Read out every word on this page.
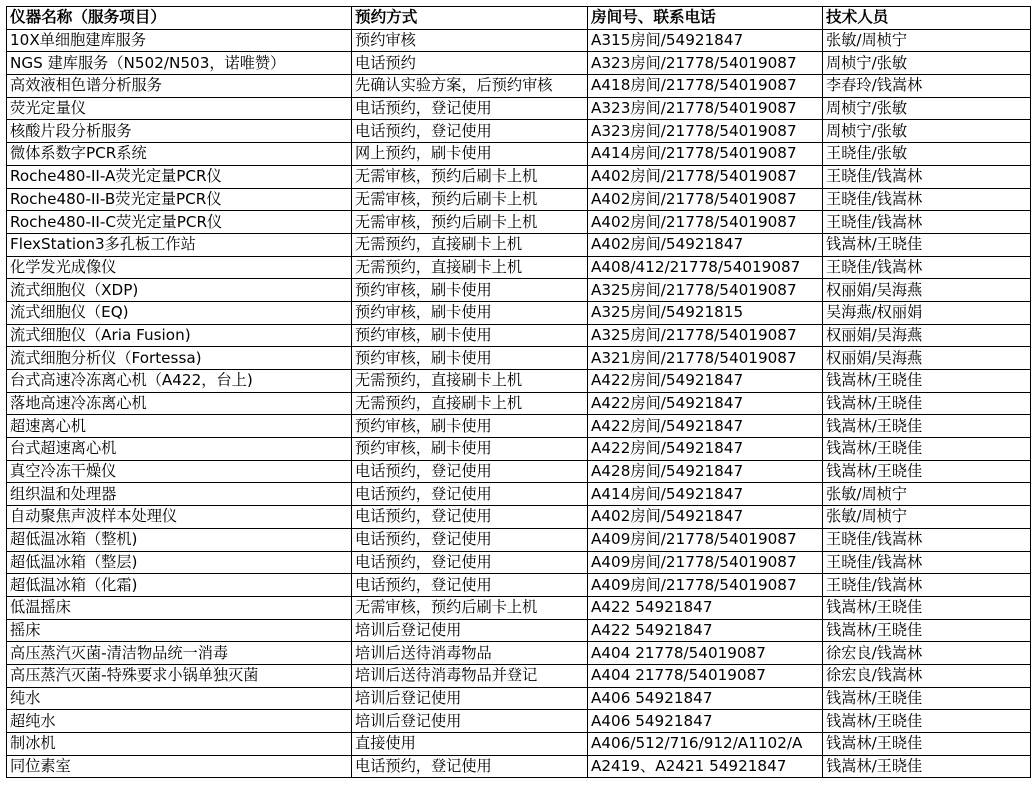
仪器名称（服务项目）	预约方式	房间号、联系电话	技术人员
10X单细胞建库服务	预约审核	A315房间/54921847	张敏/周桢宁
NGS 建库服务（N502/N503，诺唯赞）	电话预约	A323房间/21778/54019087	周桢宁/张敏
高效液相色谱分析服务	先确认实验方案，后预约审核	A418房间/21778/54019087	李春玲/钱嵩林
荧光定量仪	电话预约，登记使用	A323房间/21778/54019087	周桢宁/张敏
核酸片段分析服务	电话预约，登记使用	A323房间/21778/54019087	周桢宁/张敏
微体系数字PCR系统	网上预约，刷卡使用	A414房间/21778/54019087	王晓佳/张敏
Roche480-II-A荧光定量PCR仪	无需审核，预约后刷卡上机	A402房间/21778/54019087	王晓佳/钱嵩林
Roche480-II-B荧光定量PCR仪	无需审核，预约后刷卡上机	A402房间/21778/54019087	王晓佳/钱嵩林
Roche480-II-C荧光定量PCR仪	无需审核，预约后刷卡上机	A402房间/21778/54019087	王晓佳/钱嵩林
FlexStation3多孔板工作站	无需预约，直接刷卡上机	A402房间/54921847	钱嵩林/王晓佳
化学发光成像仪	无需预约，直接刷卡上机	A408/412/21778/54019087	王晓佳/钱嵩林
流式细胞仪（XDP)	预约审核，刷卡使用	A325房间/21778/54019087	权丽娟/吴海燕
流式细胞仪（EQ)	预约审核，刷卡使用	A325房间/54921815	吴海燕/权丽娟
流式细胞仪（Aria Fusion)	预约审核，刷卡使用	A325房间/21778/54019087	权丽娟/吴海燕
流式细胞分析仪（Fortessa)	预约审核，刷卡使用	A321房间/21778/54019087	权丽娟/吴海燕
台式高速冷冻离心机（A422，台上)	无需预约，直接刷卡上机	A422房间/54921847	钱嵩林/王晓佳
落地高速冷冻离心机	无需预约，直接刷卡上机	A422房间/54921847	钱嵩林/王晓佳
超速离心机	预约审核，刷卡使用	A422房间/54921847	钱嵩林/王晓佳
台式超速离心机	预约审核，刷卡使用	A422房间/54921847	钱嵩林/王晓佳
真空冷冻干燥仪	电话预约，登记使用	A428房间/54921847	钱嵩林/王晓佳
组织温和处理器	电话预约，登记使用	A414房间/54921847	张敏/周桢宁
自动聚焦声波样本处理仪	电话预约，登记使用	A402房间/54921847	张敏/周桢宁
超低温冰箱（整机)	电话预约，登记使用	A409房间/21778/54019087	王晓佳/钱嵩林
超低温冰箱（整层)	电话预约，登记使用	A409房间/21778/54019087	王晓佳/钱嵩林
超低温冰箱（化霜)	电话预约，登记使用	A409房间/21778/54019087	王晓佳/钱嵩林
低温摇床	无需审核，预约后刷卡上机	A422 54921847	钱嵩林/王晓佳
摇床	培训后登记使用	A422 54921847	钱嵩林/王晓佳
高压蒸汽灭菌-清洁物品统一消毒	培训后送待消毒物品	A404 21778/54019087	徐宏良/钱嵩林
高压蒸汽灭菌-特殊要求小锅单独灭菌	培训后送待消毒物品并登记	A404 21778/54019087	徐宏良/钱嵩林
纯水	培训后登记使用	A406 54921847	钱嵩林/王晓佳
超纯水	培训后登记使用	A406 54921847	钱嵩林/王晓佳
制冰机	直接使用	A406/512/716/912/A1102/A	钱嵩林/王晓佳
同位素室	电话预约，登记使用	A2419、A2421 54921847	钱嵩林/王晓佳
